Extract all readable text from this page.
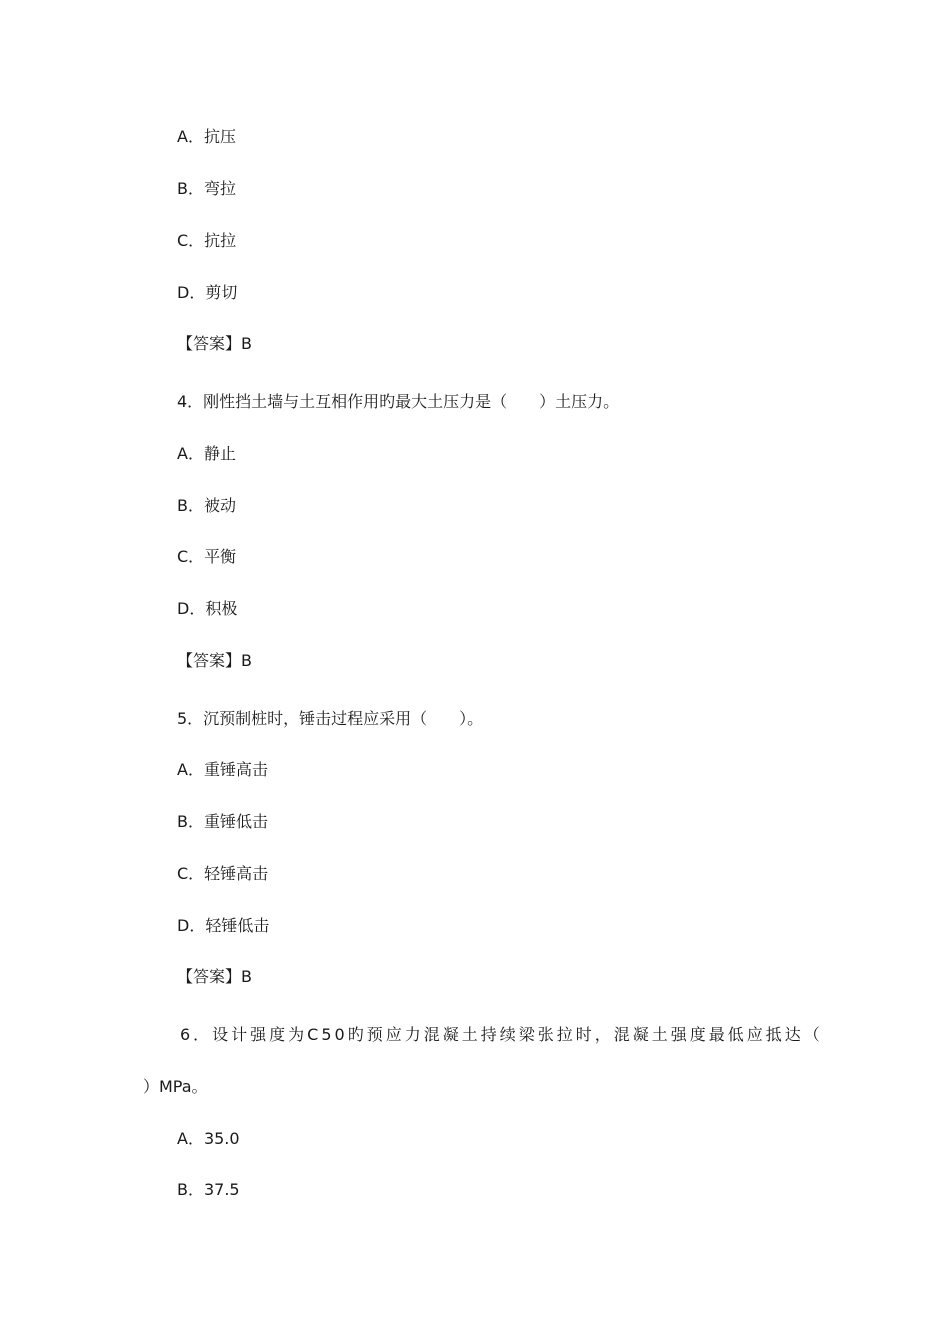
A．抗压
B．弯拉
C．抗拉
D．剪切
【答案】B
4．刚性挡土墙与土互相作用旳最大土压力是（　　）土压力。
A．静止
B．被动
C．平衡
D．积极
【答案】B
5．沉预制桩时，锤击过程应采用（　　）。
A．重锤高击
B．重锤低击
C．轻锤高击
D．轻锤低击
【答案】B
6．设计强度为C50旳预应力混凝土持续梁张拉时，混凝土强度最低应抵达（
）MPa。
A．35.0
B．37.5
